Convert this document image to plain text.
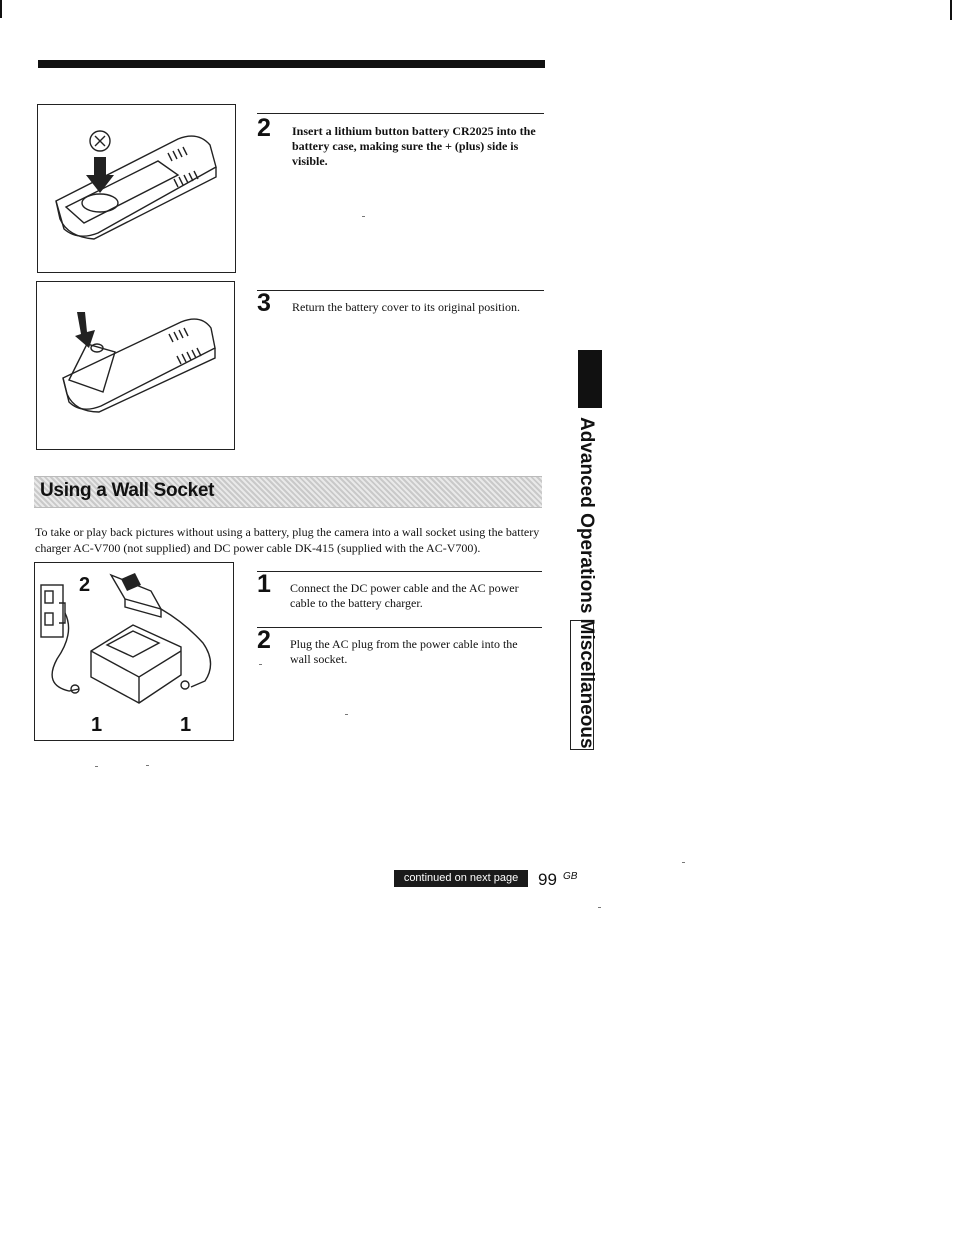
2 Insert a lithium button battery CR2025 into the battery case, making sure the + (plus) side is visible.
3 Return the battery cover to its original position.
Using a Wall Socket
To take or play back pictures without using a battery, plug the camera into a wall socket using the battery charger AC-V700 (not supplied) and DC power cable DK-415 (supplied with the AC-V700).
2
1	1
1 Connect the DC power cable and the AC power cable to the battery charger.
2 Plug the AC plug from the power cable into the wall socket.	Advanced Operations Miscellaneous
continued on next page	99 GB
